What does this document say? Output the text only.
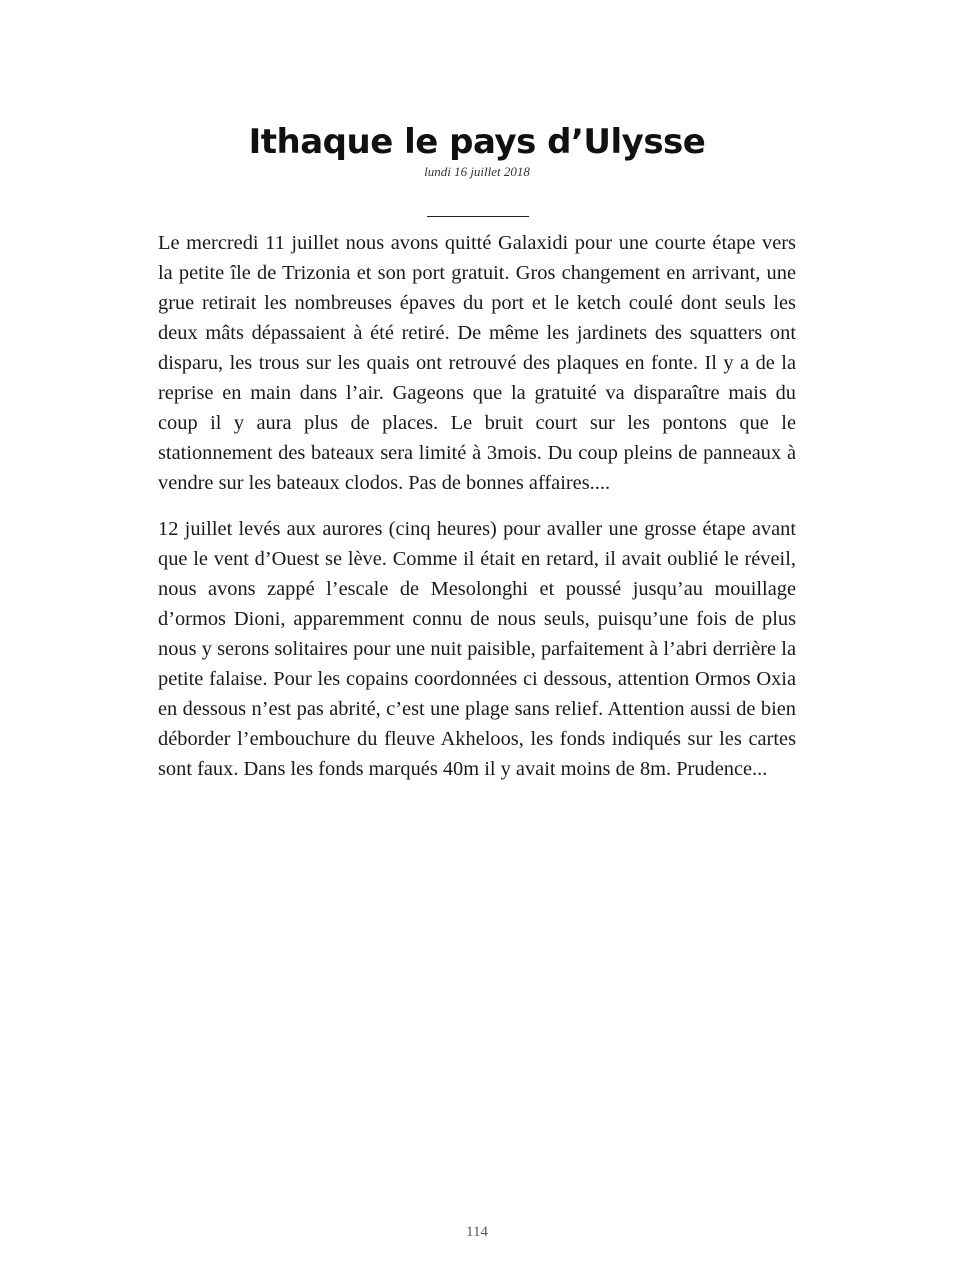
Ithaque le pays d’Ulysse
lundi 16 juillet 2018

Le mercredi 11 juillet nous avons quitté Galaxidi pour une courte étape vers la petite île de Trizonia et son port gratuit. Gros changement en arrivant, une grue retirait les nombreuses épaves du port et le ketch coulé dont seuls les deux mâts dépassaient à été retiré. De même les jardinets des squatters ont disparu, les trous sur les quais ont retrouvé des plaques en fonte. Il y a de la reprise en main dans l’air. Gageons que la gratuité va disparaître mais du coup il y aura plus de places. Le bruit court sur les pontons que le stationnement des bateaux sera limité à 3mois. Du coup pleins de panneaux à vendre sur les bateaux clodos. Pas de bonnes affaires....

12 juillet levés aux aurores (cinq heures) pour avaller une grosse étape avant que le vent d’Ouest se lève. Comme il était en retard, il avait oublié le réveil, nous avons zappé l’escale de Mesolonghi et poussé jusqu’au mouillage d’ormos Dioni, apparemment connu de nous seuls, puisqu’une fois de plus nous y serons solitaires pour une nuit paisible, parfaitement à l’abri derrière la petite falaise. Pour les copains coordonnées ci dessous, attention Ormos Oxia en dessous n’est pas abrité, c’est une plage sans relief. Attention aussi de bien déborder l’embouchure du fleuve Akheloos, les fonds indiqués sur les cartes sont faux. Dans les fonds marqués 40m il y avait moins de 8m. Prudence...

114
